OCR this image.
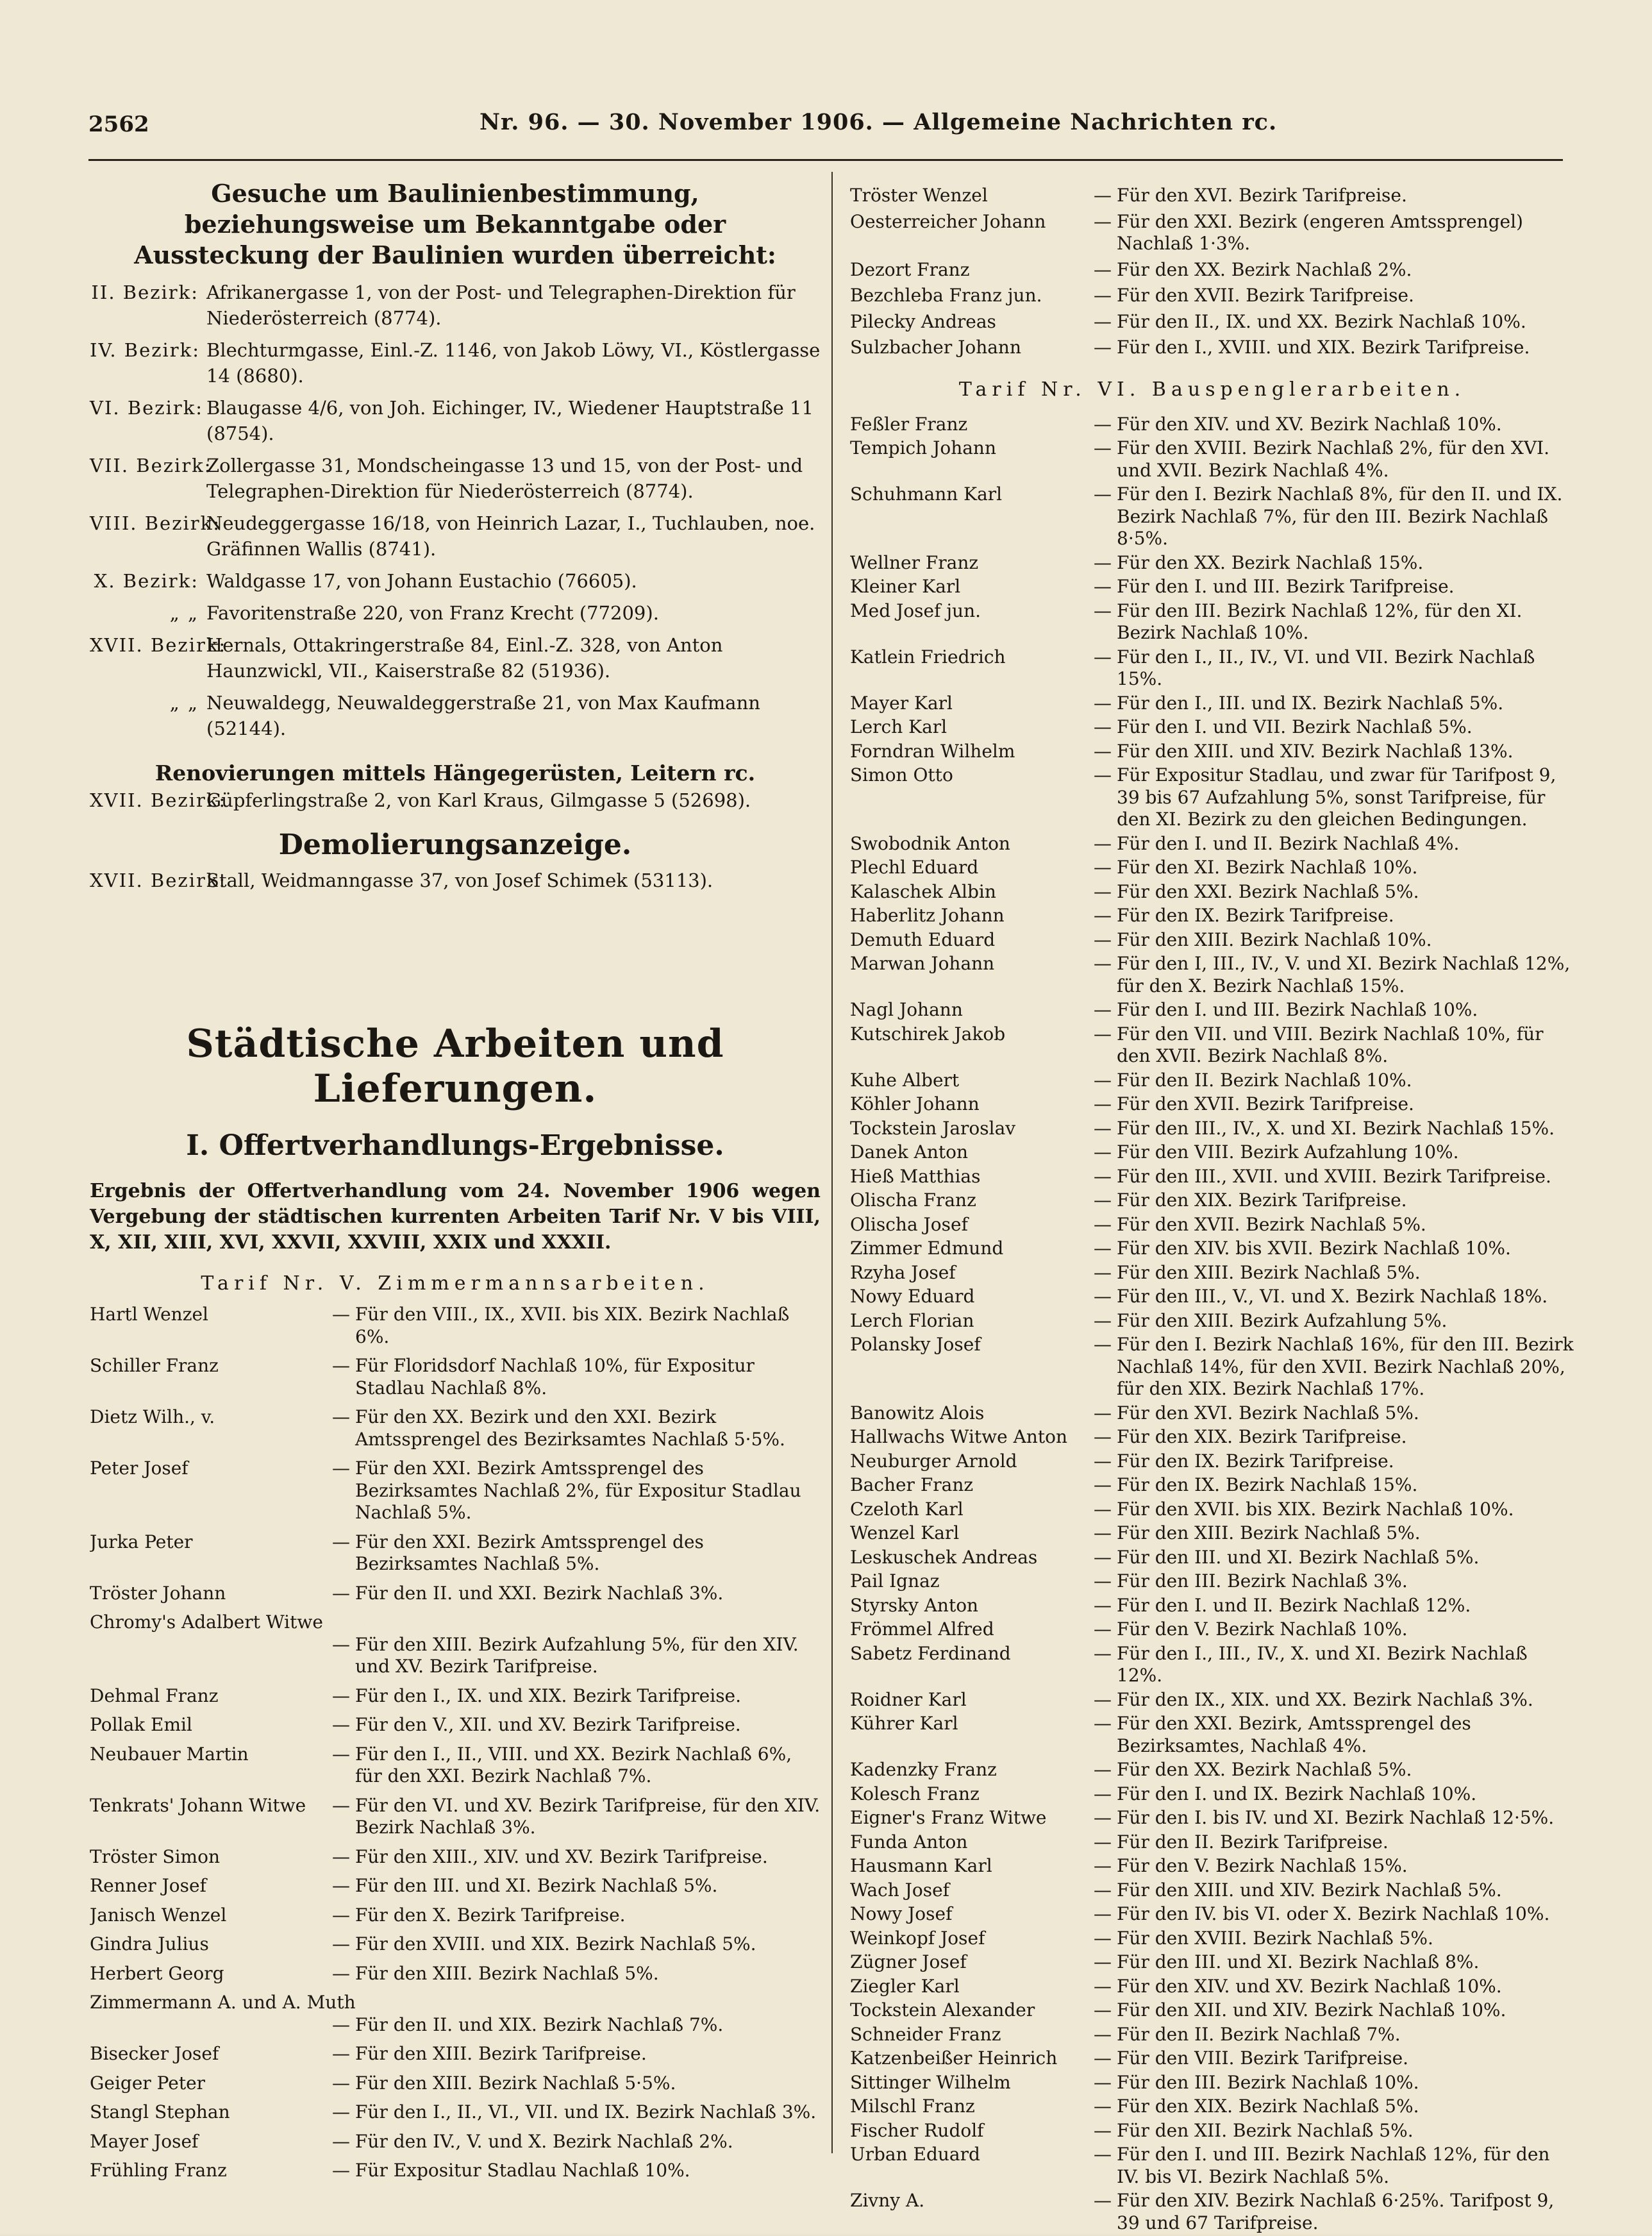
2562	Nr. 96. — 30. November 1906. — Allgemeine Nachrichten rc.
Gesuche um Baulinienbestimmung, beziehungsweise um Bekanntgabe oder Aussteckung der Baulinien wurden überreicht:
II. Bezirk: Afrikanergasse 1, von der Post- und Telegraphen-Direktion für Niederösterreich (8774).
IV. Bezirk: Blechturmgasse, Einl.-Z. 1146, von Jakob Löwy, VI., Köstlergasse 14 (8680).
VI. Bezirk: Blaugasse 4/6, von Joh. Eichinger, IV., Wiedener Hauptstraße 11 (8754).
VII. Bezirk:
Zollergasse 31, Mondscheingasse 13 und 15, von der Post- und Telegraphen-Direktion für Niederösterreich (8774).
VIII. Bezirk:
Neudeggergasse 16/18, von Heinrich Lazar, I., Tuchlauben, noe. Gräfinnen Wallis (8741).
X. Bezirk: Waldgasse 17, von Johann Eustachio (76605).
„ „ Favoritenstraße 220, von Franz Krecht (77209).
XVII. Bezirk:
Hernals, Ottakringerstraße 84, Einl.-Z. 328, von Anton Haunzwickl, VII., Kaiserstraße 82 (51936).
„ „ Neuwaldegg, Neuwaldeggerstraße 21, von Max Kaufmann (52144).
Renovierungen mittels Hängegerüsten, Leitern rc.
XVII. Bezirk:
Güpferlingstraße 2, von Karl Kraus, Gilmgasse 5 (52698).
Demolierungsanzeige.
XVII. Bezirk:
Stall, Weidmanngasse 37, von Josef Schimek (53113).
Städtische Arbeiten und Lieferungen.
I. Offertverhandlungs-Ergebnisse.
Ergebnis der Offertverhandlung vom 24. November 1906 wegen Vergebung der städtischen kurrenten Arbeiten Tarif Nr. V bis VIII, X, XII, XIII, XVI, XXVII, XXVIII, XXIX und XXXII.
Tarif Nr. V. Zimmermannsarbeiten.
Hartl Wenzel	— Für den VIII., IX., XVII. bis XIX. Bezirk Nachlaß 6%.
Schiller Franz	— Für Floridsdorf Nachlaß 10%, für Expositur Stadlau Nachlaß 8%.
Dietz Wilh., v.	— Für den XX. Bezirk und den XXI. Bezirk Amtssprengel des Bezirksamtes Nachlaß 5·5%.
Peter Josef	— Für den XXI. Bezirk Amtssprengel des Bezirksamtes Nachlaß 2%, für Expositur Stadlau Nachlaß 5%.
Jurka Peter	— Für den XXI. Bezirk Amtssprengel des Bezirksamtes Nachlaß 5%.
Tröster Johann	— Für den II. und XXI. Bezirk Nachlaß 3%.
Chromy's Adalbert Witwe
— Für den XIII. Bezirk Aufzahlung 5%, für den XIV. und XV. Bezirk Tarifpreise.
Dehmal Franz	— Für den I., IX. und XIX. Bezirk Tarifpreise.
Pollak Emil	— Für den V., XII. und XV. Bezirk Tarifpreise.
Neubauer Martin	— Für den I., II., VIII. und XX. Bezirk Nachlaß 6%, für den XXI. Bezirk Nachlaß 7%.
Tenkrats' Johann Witwe	— Für den VI. und XV. Bezirk Tarifpreise, für den XIV. Bezirk Nachlaß 3%.
Tröster Simon	— Für den XIII., XIV. und XV. Bezirk Tarifpreise.
Renner Josef	— Für den III. und XI. Bezirk Nachlaß 5%.
Janisch Wenzel	— Für den X. Bezirk Tarifpreise.
Gindra Julius	— Für den XVIII. und XIX. Bezirk Nachlaß 5%.
Herbert Georg	— Für den XIII. Bezirk Nachlaß 5%.
Zimmermann A. und A. Muth
— Für den II. und XIX. Bezirk Nachlaß 7%.
Bisecker Josef	— Für den XIII. Bezirk Tarifpreise.
Geiger Peter	— Für den XIII. Bezirk Nachlaß 5·5%.
Stangl Stephan	— Für den I., II., VI., VII. und IX. Bezirk Nachlaß 3%.
Mayer Josef	— Für den IV., V. und X. Bezirk Nachlaß 2%.
Frühling Franz	— Für Expositur Stadlau Nachlaß 10%.
Tröster Wenzel	— Für den XVI. Bezirk Tarifpreise.
Oesterreicher Johann	— Für den XXI. Bezirk (engeren Amtssprengel) Nachlaß 1·3%.
Dezort Franz	— Für den XX. Bezirk Nachlaß 2%.
Bezchleba Franz jun.	— Für den XVII. Bezirk Tarifpreise.
Pilecky Andreas	— Für den II., IX. und XX. Bezirk Nachlaß 10%.
Sulzbacher Johann	— Für den I., XVIII. und XIX. Bezirk Tarifpreise.
Tarif Nr. VI. Bauspenglerarbeiten.
Feßler Franz	— Für den XIV. und XV. Bezirk Nachlaß 10%.
Tempich Johann	— Für den XVIII. Bezirk Nachlaß 2%, für den XVI. und XVII. Bezirk Nachlaß 4%.
Schuhmann Karl	— Für den I. Bezirk Nachlaß 8%, für den II. und IX. Bezirk Nachlaß 7%, für den III. Bezirk Nachlaß 8·5%.
Wellner Franz	— Für den XX. Bezirk Nachlaß 15%.
Kleiner Karl	— Für den I. und III. Bezirk Tarifpreise.
Med Josef jun.	— Für den III. Bezirk Nachlaß 12%, für den XI. Bezirk Nachlaß 10%.
Katlein Friedrich	— Für den I., II., IV., VI. und VII. Bezirk Nachlaß 15%.
Mayer Karl	— Für den I., III. und IX. Bezirk Nachlaß 5%.
Lerch Karl	— Für den I. und VII. Bezirk Nachlaß 5%.
Forndran Wilhelm	— Für den XIII. und XIV. Bezirk Nachlaß 13%.
Simon Otto	— Für Expositur Stadlau, und zwar für Tarifpost 9, 39 bis 67 Aufzahlung 5%, sonst Tarifpreise, für den XI. Bezirk zu den gleichen Bedingungen.
Swobodnik Anton	— Für den I. und II. Bezirk Nachlaß 4%.
Plechl Eduard	— Für den XI. Bezirk Nachlaß 10%.
Kalaschek Albin	— Für den XXI. Bezirk Nachlaß 5%.
Haberlitz Johann	— Für den IX. Bezirk Tarifpreise.
Demuth Eduard	— Für den XIII. Bezirk Nachlaß 10%.
Marwan Johann	— Für den I, III., IV., V. und XI. Bezirk Nachlaß 12%, für den X. Bezirk Nachlaß 15%.
Nagl Johann	— Für den I. und III. Bezirk Nachlaß 10%.
Kutschirek Jakob	— Für den VII. und VIII. Bezirk Nachlaß 10%, für den XVII. Bezirk Nachlaß 8%.
Kuhe Albert	— Für den II. Bezirk Nachlaß 10%.
Köhler Johann	— Für den XVII. Bezirk Tarifpreise.
Tockstein Jaroslav	— Für den III., IV., X. und XI. Bezirk Nachlaß 15%.
Danek Anton	— Für den VIII. Bezirk Aufzahlung 10%.
Hieß Matthias	— Für den III., XVII. und XVIII. Bezirk Tarifpreise.
Olischa Franz	— Für den XIX. Bezirk Tarifpreise.
Olischa Josef	— Für den XVII. Bezirk Nachlaß 5%.
Zimmer Edmund	— Für den XIV. bis XVII. Bezirk Nachlaß 10%.
Rzyha Josef	— Für den XIII. Bezirk Nachlaß 5%.
Nowy Eduard	— Für den III., V., VI. und X. Bezirk Nachlaß 18%.
Lerch Florian	— Für den XIII. Bezirk Aufzahlung 5%.
Polansky Josef	— Für den I. Bezirk Nachlaß 16%, für den III. Bezirk Nachlaß 14%, für den XVII. Bezirk Nachlaß 20%, für den XIX. Bezirk Nachlaß 17%.
Banowitz Alois	— Für den XVI. Bezirk Nachlaß 5%.
Hallwachs Witwe Anton	— Für den XIX. Bezirk Tarifpreise.
Neuburger Arnold	— Für den IX. Bezirk Tarifpreise.
Bacher Franz	— Für den IX. Bezirk Nachlaß 15%.
Czeloth Karl	— Für den XVII. bis XIX. Bezirk Nachlaß 10%.
Wenzel Karl	— Für den XIII. Bezirk Nachlaß 5%.
Leskuschek Andreas	— Für den III. und XI. Bezirk Nachlaß 5%.
Pail Ignaz	— Für den III. Bezirk Nachlaß 3%.
Styrsky Anton	— Für den I. und II. Bezirk Nachlaß 12%.
Frömmel Alfred	— Für den V. Bezirk Nachlaß 10%.
Sabetz Ferdinand	— Für den I., III., IV., X. und XI. Bezirk Nachlaß 12%.
Roidner Karl	— Für den IX., XIX. und XX. Bezirk Nachlaß 3%.
Kührer Karl	— Für den XXI. Bezirk, Amtssprengel des Bezirksamtes, Nachlaß 4%.
Kadenzky Franz	— Für den XX. Bezirk Nachlaß 5%.
Kolesch Franz	— Für den I. und IX. Bezirk Nachlaß 10%.
Eigner's Franz Witwe	— Für den I. bis IV. und XI. Bezirk Nachlaß 12·5%.
Funda Anton	— Für den II. Bezirk Tarifpreise.
Hausmann Karl	— Für den V. Bezirk Nachlaß 15%.
Wach Josef	— Für den XIII. und XIV. Bezirk Nachlaß 5%.
Nowy Josef	— Für den IV. bis VI. oder X. Bezirk Nachlaß 10%.
Weinkopf Josef	— Für den XVIII. Bezirk Nachlaß 5%.
Zügner Josef	— Für den III. und XI. Bezirk Nachlaß 8%.
Ziegler Karl	— Für den XIV. und XV. Bezirk Nachlaß 10%.
Tockstein Alexander	— Für den XII. und XIV. Bezirk Nachlaß 10%.
Schneider Franz	— Für den II. Bezirk Nachlaß 7%.
Katzenbeißer Heinrich	— Für den VIII. Bezirk Tarifpreise.
Sittinger Wilhelm	— Für den III. Bezirk Nachlaß 10%.
Milschl Franz	— Für den XIX. Bezirk Nachlaß 5%.
Fischer Rudolf	— Für den XII. Bezirk Nachlaß 5%.
Urban Eduard	— Für den I. und III. Bezirk Nachlaß 12%, für den IV. bis VI. Bezirk Nachlaß 5%.
Zivny A.	— Für den XIV. Bezirk Nachlaß 6·25%. Tarifpost 9, 39 und 67 Tarifpreise.
